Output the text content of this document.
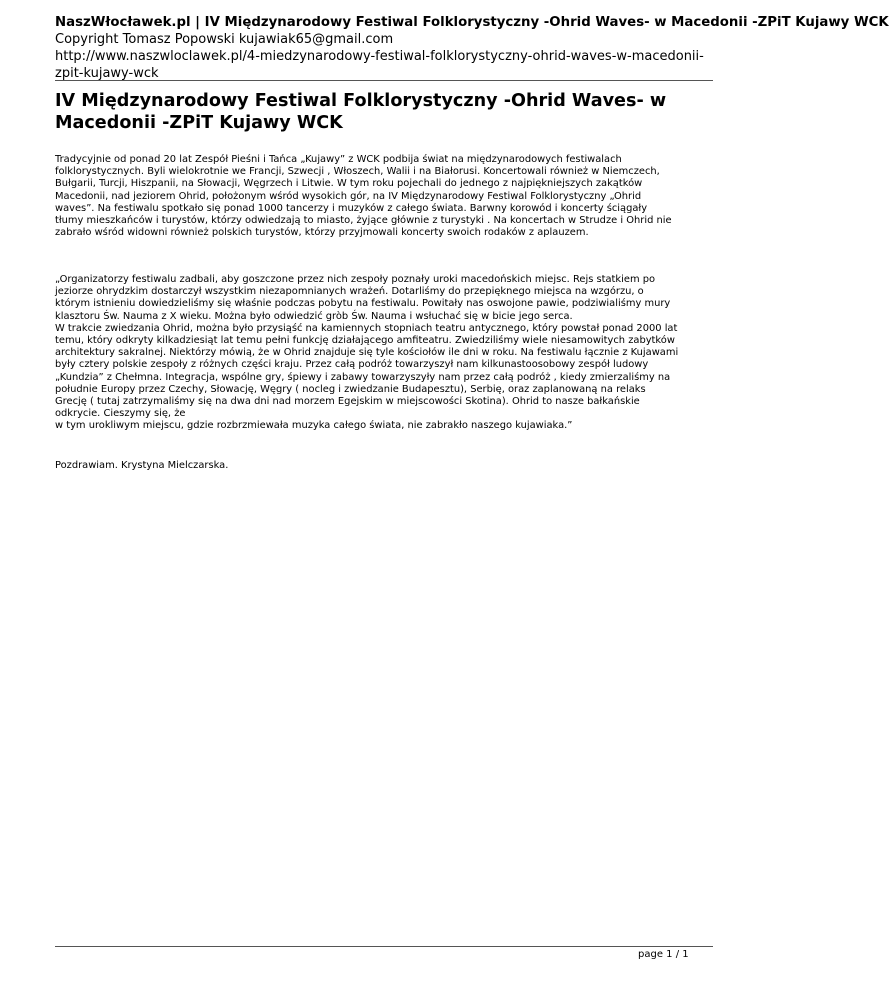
NaszWłocławek.pl | IV Międzynarodowy Festiwal Folklorystyczny -Ohrid Waves- w Macedonii -ZPiT Kujawy WCK
Copyright Tomasz Popowski kujawiak65@gmail.com
http://www.naszwloclawek.pl/4-miedzynarodowy-festiwal-folklorystyczny-ohrid-waves-w-macedonii-zpit-kujawy-wck
IV Międzynarodowy Festiwal Folklorystyczny -Ohrid Waves- w Macedonii -ZPiT Kujawy WCK

Tradycyjnie od ponad 20 lat Zespół Pieśni i Tańca „Kujawy” z WCK podbija świat na międzynarodowych festiwalach
folklorystycznych. Byli wielokrotnie we Francji, Szwecji , Włoszech, Walii i na Białorusi. Koncertowali również w Niemczech,
Bułgarii, Turcji, Hiszpanii, na Słowacji, Węgrzech i Litwie. W tym roku pojechali do jednego z najpiękniejszych zakątków
Macedonii, nad jeziorem Ohrid, położonym wśród wysokich gór, na IV Międzynarodowy Festiwal Folklorystyczny „Ohrid
waves”. Na festiwalu spotkało się ponad 1000 tancerzy i muzyków z całego świata. Barwny korowód i koncerty ściągały
tłumy mieszkańców i turystów, którzy odwiedzają to miasto, żyjące głównie z turystyki . Na koncertach w Strudze i Ohrid nie
zabrało wśród widowni również polskich turystów, którzy przyjmowali koncerty swoich rodaków z aplauzem.

„Organizatorzy festiwalu zadbali, aby goszczone przez nich zespoły poznały uroki macedońskich miejsc. Rejs statkiem po
jeziorze ohrydzkim dostarczył wszystkim niezapomnianych wrażeń. Dotarliśmy do przepięknego miejsca na wzgórzu, o
którym istnieniu dowiedzieliśmy się właśnie podczas pobytu na festiwalu. Powitały nas oswojone pawie, podziwialiśmy mury
klasztoru Św. Nauma z X wieku. Można było odwiedzić gròb Św. Nauma i wsłuchać się w bicie jego serca.
W trakcie zwiedzania Ohrid, można było przysiąść na kamiennych stopniach teatru antycznego, który powstał ponad 2000 lat
temu, który odkryty kilkadziesiąt lat temu pełni funkcję działającego amfiteatru. Zwiedziliśmy wiele niesamowitych zabytków
architektury sakralnej. Niektórzy mówią, że w Ohrid znajduje się tyle kościołów ile dni w roku. Na festiwalu łącznie z Kujawami
były cztery polskie zespoły z różnych części kraju. Przez całą podróż towarzyszył nam kilkunastoosobowy zespół ludowy
„Kundzia” z Chełmna. Integracja, wspólne gry, śpiewy i zabawy towarzyszyły nam przez całą podróż , kiedy zmierzaliśmy na
południe Europy przez Czechy, Słowację, Węgry ( nocleg i zwiedzanie Budapesztu), Serbię, oraz zaplanowaną na relaks
Grecję ( tutaj zatrzymaliśmy się na dwa dni nad morzem Egejskim w miejscowości Skotina). Ohrid to nasze bałkańskie
odkrycie. Cieszymy się, że
w tym urokliwym miejscu, gdzie rozbrzmiewała muzyka całego świata, nie zabrakło naszego kujawiaka.”

Pozdrawiam. Krystyna Mielczarska.

page 1 / 1
